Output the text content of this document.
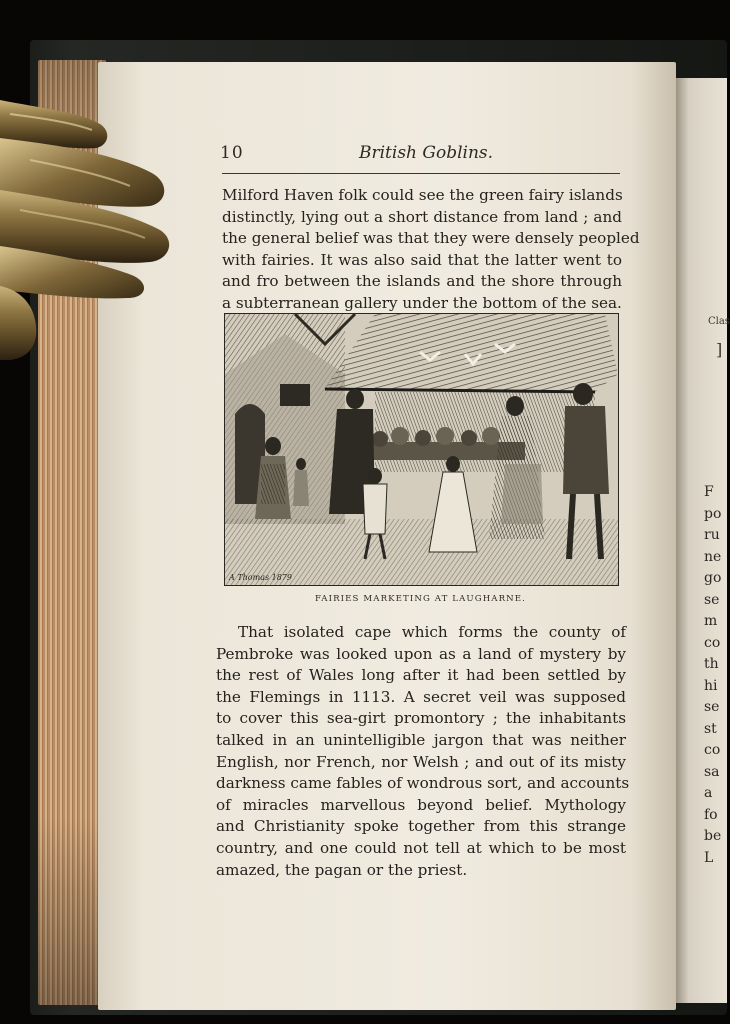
Clas
]
F
po
ru
ne
go
se
m
co
th
hi
se
st
co
sa
a
fo
be
L
10	British Goblins.

Milford Haven folk could see the green fairy islands
distinctly, lying out a short distance from land ; and
the general belief was that they were densely peopled
with fairies. It was also said that the latter went to
and fro between the islands and the shore through
a subterranean gallery under the bottom of the sea.

A Thomas 1879
FAIRIES MARKETING AT LAUGHARNE.

That isolated cape which forms the county of
Pembroke was looked upon as a land of mystery by
the rest of Wales long after it had been settled by
the Flemings in 1113. A secret veil was supposed
to cover this sea-girt promontory ; the inhabitants
talked in an unintelligible jargon that was neither
English, nor French, nor Welsh ; and out of its misty
darkness came fables of wondrous sort, and accounts
of miracles marvellous beyond belief. Mythology
and Christianity spoke together from this strange
country, and one could not tell at which to be most
amazed, the pagan or the priest.
